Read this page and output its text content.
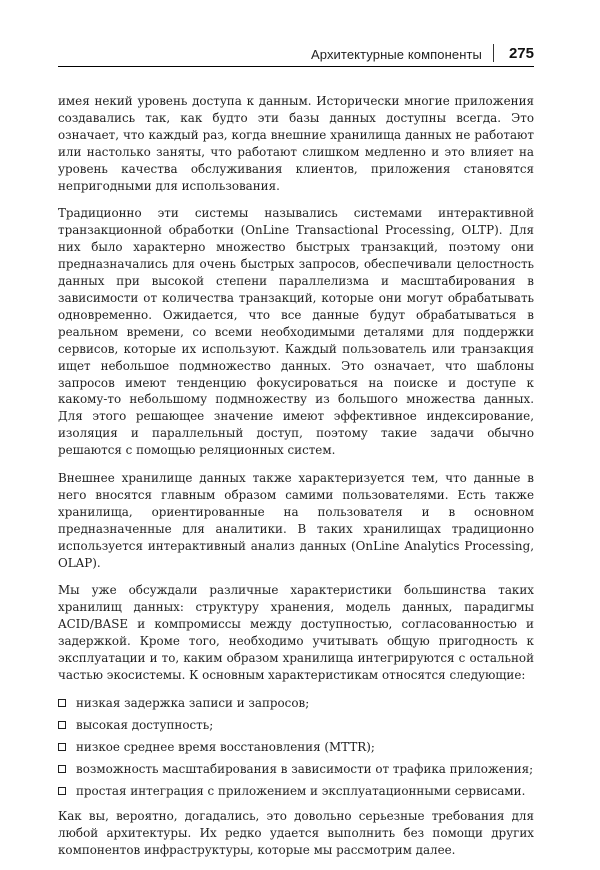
Архитектурные компоненты 275

имея некий уровень доступа к данным. Исторически многие приложения создавались так, как будто эти базы данных доступны всегда. Это означает, что каждый раз, когда внешние хранилища данных не работают или настолько заняты, что работают слишком медленно и это влияет на уровень качества обслуживания клиентов, приложения становятся непригодными для использования.

Традиционно эти системы назывались системами интерактивной транзакционной обработки (OnLine Transactional Processing, OLTP). Для них было характерно множество быстрых транзакций, поэтому они предназначались для очень быстрых запросов, обеспечивали целостность данных при высокой степени параллелизма и масштабирования в зависимости от количества транзакций, которые они могут обрабатывать одновременно. Ожидается, что все данные будут обрабатываться в реальном времени, со всеми необходимыми деталями для поддержки сервисов, которые их используют. Каждый пользователь или транзакция ищет небольшое подмножество данных. Это означает, что шаблоны запросов имеют тенденцию фокусироваться на поиске и доступе к какому-то небольшому подмножеству из большого множества данных. Для этого решающее значение имеют эффективное индексирование, изоляция и параллельный доступ, поэтому такие задачи обычно решаются с помощью реляционных систем.

Внешнее хранилище данных также характеризуется тем, что данные в него вносятся главным образом самими пользователями. Есть также хранилища, ориентированные на пользователя и в основном предназначенные для аналитики. В таких хранилищах традиционно используется интерактивный анализ данных (OnLine Analytics Processing, OLAP).

Мы уже обсуждали различные характеристики большинства таких хранилищ данных: структуру хранения, модель данных, парадигмы ACID/BASE и компромиссы между доступностью, согласованностью и задержкой. Кроме того, необходимо учитывать общую пригодность к эксплуатации и то, каким образом хранилища интегрируются с остальной частью экосистемы. К основным характеристикам относятся следующие:

низкая задержка записи и запросов;
высокая доступность;
низкое среднее время восстановления (MTTR);
возможность масштабирования в зависимости от трафика приложения;
простая интеграция с приложением и эксплуатационными сервисами.

Как вы, вероятно, догадались, это довольно серьезные требования для любой архитектуры. Их редко удается выполнить без помощи других компонентов инфраструктуры, которые мы рассмотрим далее.
